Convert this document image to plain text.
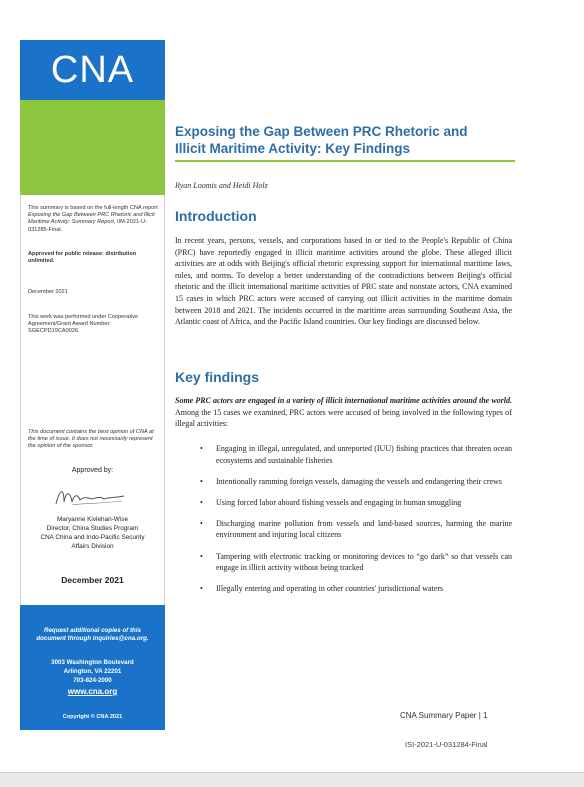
CNA
This summary is based on the full-length CNA report Exposing the Gap Between PRC Rhetoric and Illicit Maritime Activity: Summary Report, IIM-2021-U-031285-Final.
Approved for public release: distribution unlimited.
December 2021
This work was performed under Cooperative Agreement/Grant Award Number: SGECPD19CA0026.
This document contains the best opinion of CNA at the time of issue. It does not necessarily represent the opinion of the sponsor.
Approved by:
Maryanne Kivlehan-Wise
Director, China Studies Program
CNA China and Indo-Pacific Security
Affairs Division
December 2021
Request additional copies of this document through inquiries@cna.org.
3003 Washington Boulevard
Arlington, VA 22201
703-824-2000
www.cna.org
Copyright © CNA 2021
Exposing the Gap Between PRC Rhetoric and
Illicit Maritime Activity: Key Findings
Ryan Loomis and Heidi Holz
Introduction
In recent years, persons, vessels, and corporations based in or tied to the People's Republic of China (PRC) have reportedly engaged in illicit maritime activities around the globe. These alleged illicit activities are at odds with Beijing's official rhetoric expressing support for international maritime laws, rules, and norms. To develop a better understanding of the contradictions between Beijing's official rhetoric and the illicit international maritime activities of PRC state and nonstate actors, CNA examined 15 cases in which PRC actors were accused of carrying out illicit activities in the maritime domain between 2018 and 2021. The incidents occurred in the maritime areas surrounding Southeast Asia, the Atlantic coast of Africa, and the Pacific Island countries. Our key findings are discussed below.
Key findings
Some PRC actors are engaged in a variety of illicit international maritime activities around the world. Among the 15 cases we examined, PRC actors were accused of being involved in the following types of illegal activities:
• Engaging in illegal, unregulated, and unreported (IUU) fishing practices that threaten ocean ecosystems and sustainable fisheries
• Intentionally ramming foreign vessels, damaging the vessels and endangering their crews
• Using forced labor aboard fishing vessels and engaging in human smuggling
• Discharging marine pollution from vessels and land-based sources, harming the marine environment and injuring local citizens
• Tampering with electronic tracking or monitoring devices to “go dark” so that vessels can engage in illicit activity without being tracked
• Illegally entering and operating in other countries' jurisdictional waters
CNA Summary Paper | 1
ISI-2021-U-031284-Final
